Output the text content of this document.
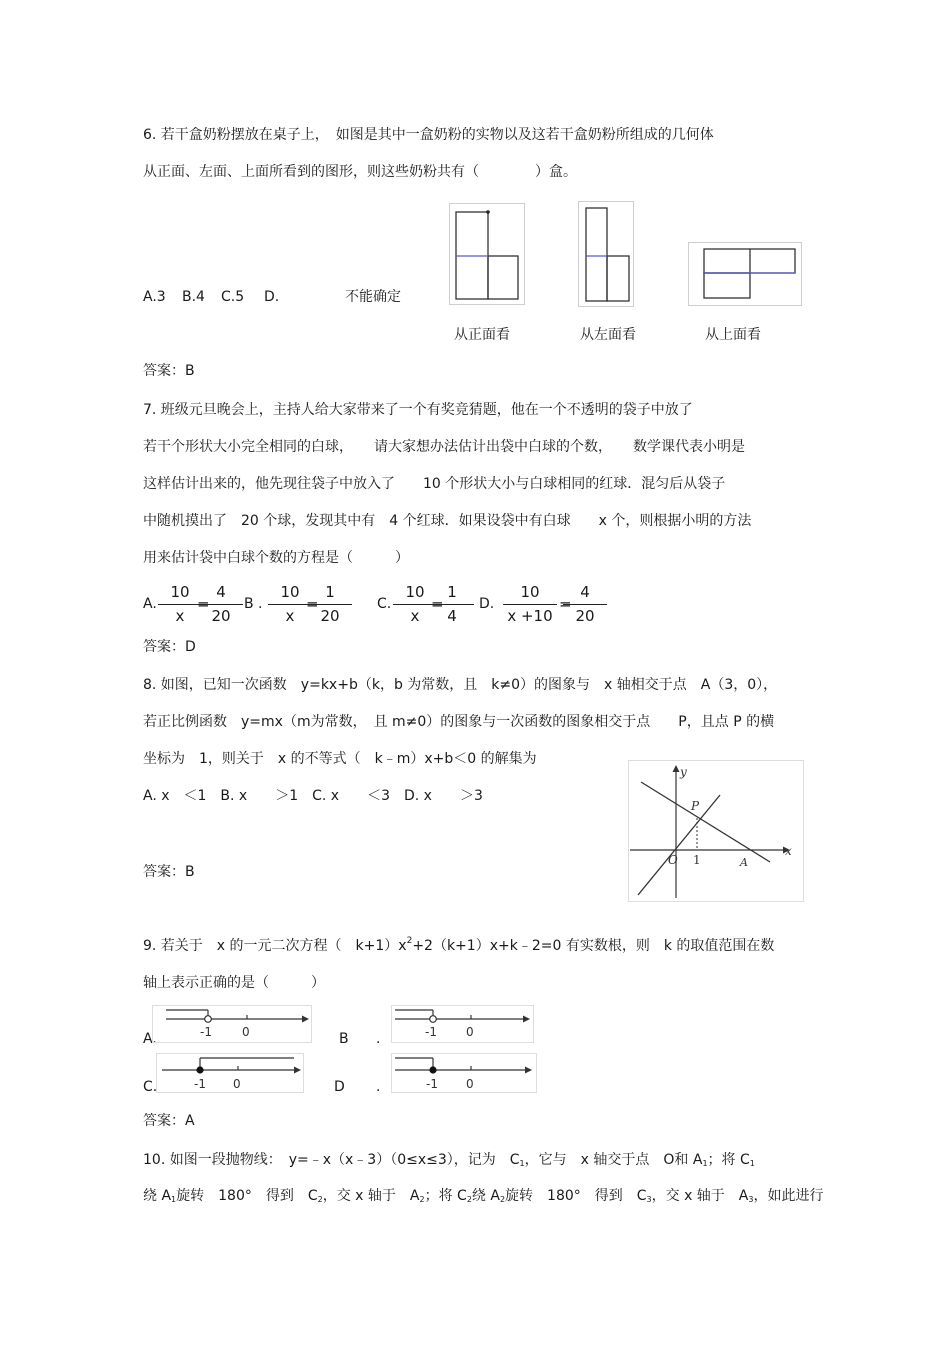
6. 若干盒奶粉摆放在桌子上，　如图是其中一盒奶粉的实物以及这若干盒奶粉所组成的几何体
从正面、左面、上面所看到的图形，则这些奶粉共有（　　　　）盒。
A.3 B.4 C.5 D.	不能确定
从正面看	从左面看	从上面看
答案：B
7. 班级元旦晚会上，主持人给大家带来了一个有奖竞猜题，他在一个不透明的袋子中放了
若干个形状大小完全相同的白球，　　请大家想办法估计出袋中白球的个数，　　数学课代表小明是
这样估计出来的，他先现往袋子中放入了　　10 个形状大小与白球相同的红球．混匀后从袋子
中随机摸出了　20 个球，发现其中有　4 个红球．如果设袋中有白球　　x 个，则根据小明的方法
用来估计袋中白球个数的方程是（　　　）
A.
10
x
=
4
20
B .
10
x
=
1
20
C.
10
x
=
1
4
D.
10
x +10
=
4
20
答案：D
8. 如图，已知一次函数　y=kx+b（k，b 为常数，且　k≠0）的图象与　x 轴相交于点　A（3，0），
若正比例函数　y=mx（m为常数，　且 m≠0）的图象与一次函数的图象相交于点　　P，且点 P 的横
坐标为　1，则关于　x 的不等式（　k﹣m）x+b＜0 的解集为
A. x　＜1　B. x　　＞1　C. x　　＜3　D. x　　＞3
y
x
O
P
A
1
答案：B
9. 若关于　x 的一元二次方程（　$k+1)x^2+2(k+1)x+k﹣2=0$ 有实数根，则　k 的取值范围在数
轴上表示正确的是（　　　）
A.	-1	0	B .	-1 0
C.	-1 0	D .	-1 0
答案：A
10. 如图一段抛物线：　y=﹣x（x﹣3）（0≤x≤3），记为　C1，它与　x 轴交于点　O和 A1；将 C1
绕 A1旋转　180°　得到　C2，交 x 轴于　A2；将 C2绕 A2旋转　180°　得到　C3，交 x 轴于　A3，如此进行
